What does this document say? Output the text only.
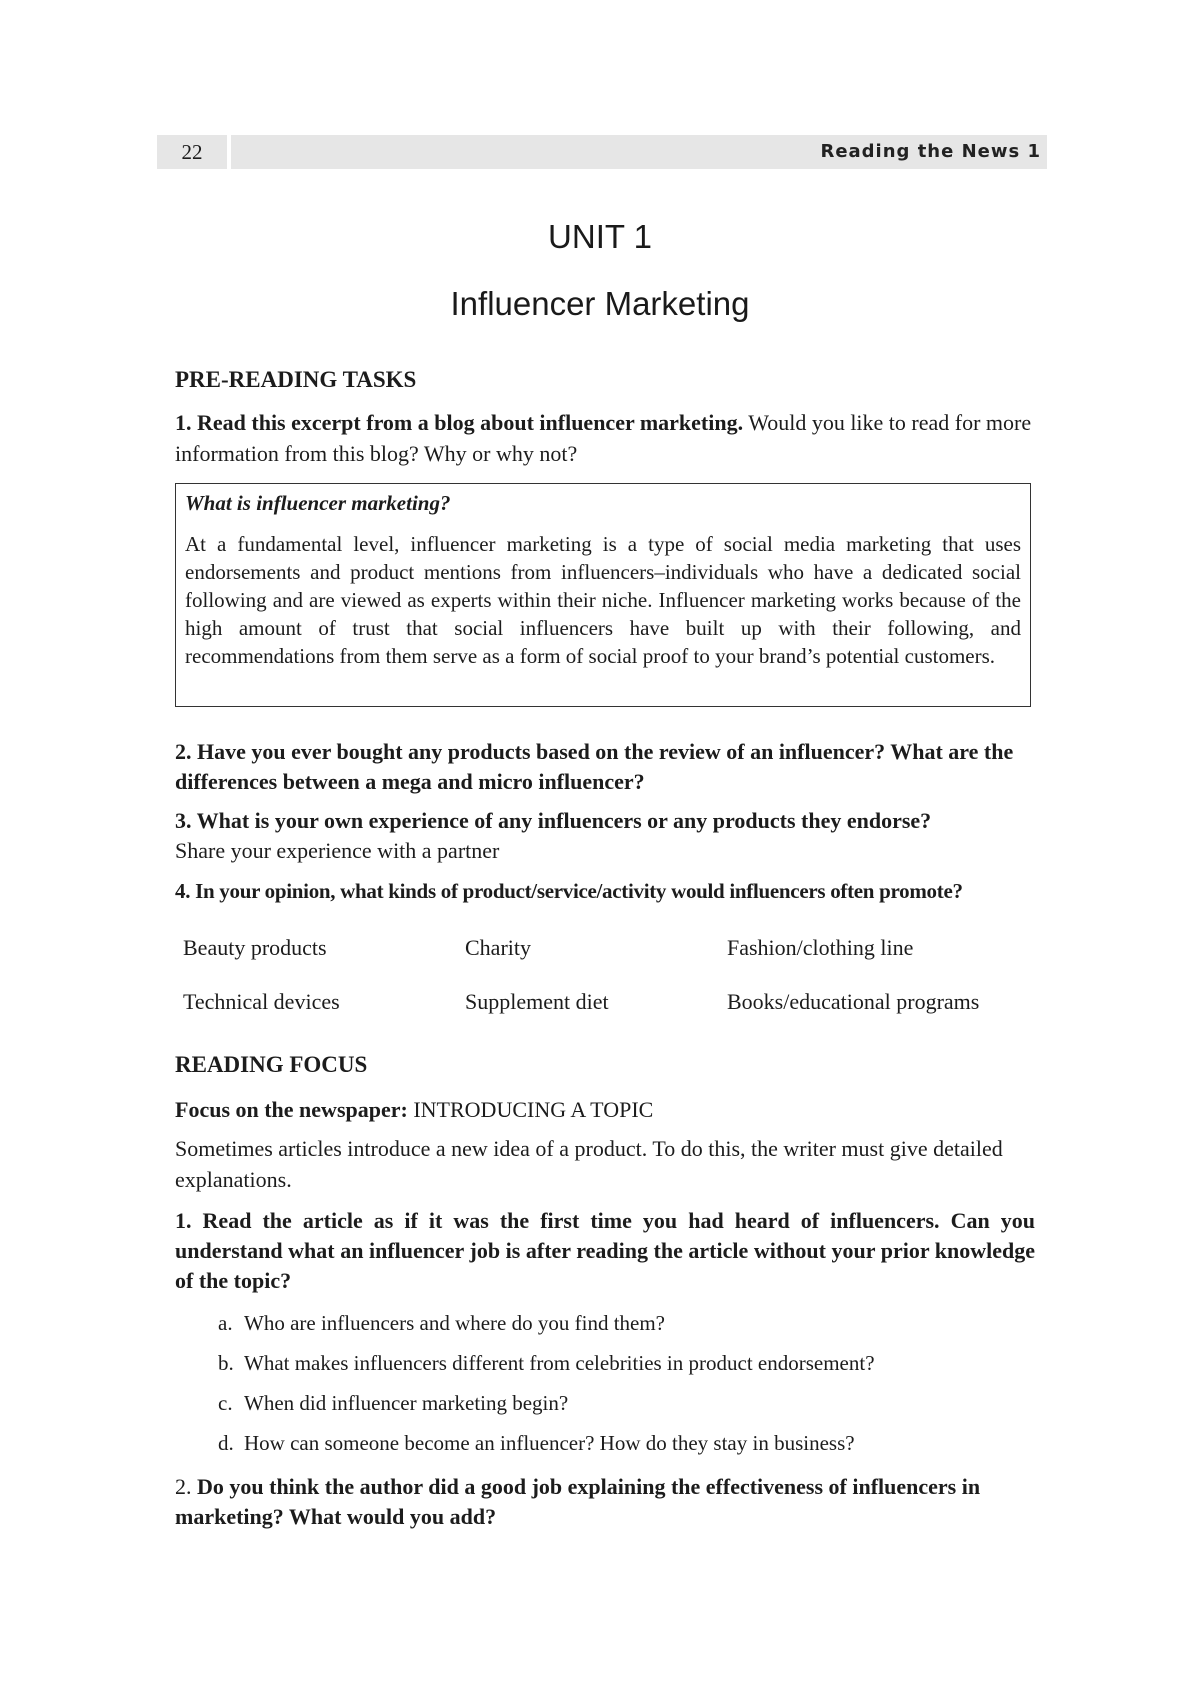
22	Reading the News 1
UNIT 1
Influencer Marketing
PRE-READING TASKS
1. Read this excerpt from a blog about influencer marketing. Would you like to read for more information from this blog? Why or why not?
What is influencer marketing?
At a fundamental level, influencer marketing is a type of social media marketing that uses endorsements and product mentions from influencers–individuals who have a dedicated social following and are viewed as experts within their niche. Influencer marketing works because of the high amount of trust that social influencers have built up with their following, and recommendations from them serve as a form of social proof to your brand’s potential customers.
2. Have you ever bought any products based on the review of an influencer? What are the differences between a mega and micro influencer?
3. What is your own experience of any influencers or any products they endorse?
Share your experience with a partner
4. In your opinion, what kinds of product/service/activity would influencers often promote?
Beauty products	Charity	Fashion/clothing line
Technical devices	Supplement diet	Books/educational programs
READING FOCUS
Focus on the newspaper: INTRODUCING A TOPIC
Sometimes articles introduce a new idea of a product. To do this, the writer must give detailed explanations.
1. Read the article as if it was the first time you had heard of influencers. Can you understand what an influencer job is after reading the article without your prior knowledge of the topic?
a. Who are influencers and where do you find them?
b. What makes influencers different from celebrities in product endorsement?
c. When did influencer marketing begin?
d. How can someone become an influencer? How do they stay in business?
2. Do you think the author did a good job explaining the effectiveness of influencers in marketing? What would you add?
